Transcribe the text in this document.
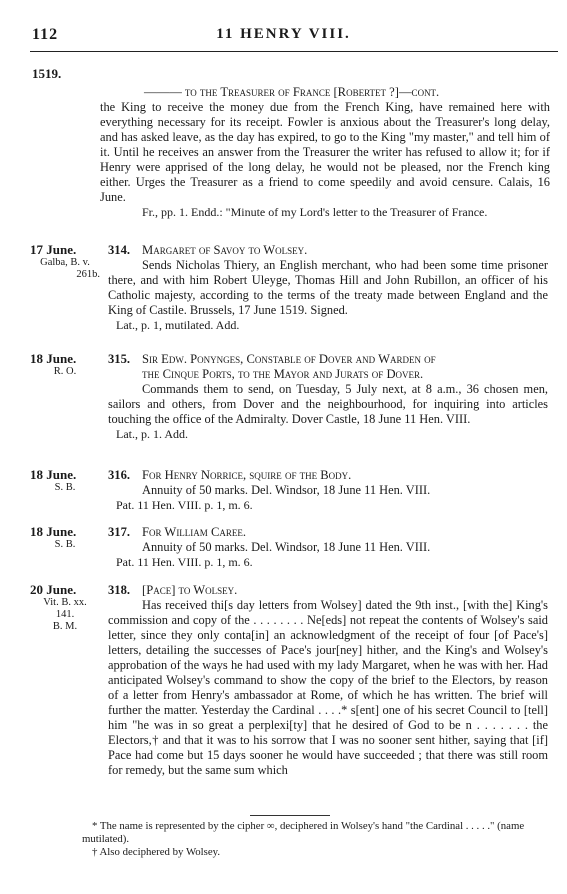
112	11 HENRY VIII.
1519.
——— to the Treasurer of France [Robertet ?]—cont.

the King to receive the money due from the French King, have remained here with everything necessary for its receipt. Fowler is anxious about the Treasurer's long delay, and has asked leave, as the day has expired, to go to the King "my master," and tell him of it. Until he receives an answer from the Treasurer the writer has refused to allow it; for if Henry were apprised of the long delay, he would not be pleased, nor the French king either. Urges the Treasurer as a friend to come speedily and avoid censure. Calais, 16 June.

Fr., pp. 1. Endd.: "Minute of my Lord's letter to the Treasurer of France.

17 June.
Galba, B. v.
261b.
314. Margaret of Savoy to Wolsey.

Sends Nicholas Thiery, an English merchant, who had been some time prisoner there, and with him Robert Uleyge, Thomas Hill and John Rubillon, an officer of his Catholic majesty, according to the terms of the treaty made between England and the King of Castile. Brussels, 17 June 1519. Signed.

Lat., p. 1, mutilated. Add.

18 June.
R. O.
315. Sir Edw. Ponynges, Constable of Dover and Warden of
the Cinque Ports, to the Mayor and Jurats of Dover.

Commands them to send, on Tuesday, 5 July next, at 8 a.m., 36 chosen men, sailors and others, from Dover and the neighbourhood, for inquiring into articles touching the office of the Admiralty. Dover Castle, 18 June 11 Hen. VIII.

Lat., p. 1. Add.

18 June.
S. B.
316. For Henry Norrice, squire of the Body.

Annuity of 50 marks. Del. Windsor, 18 June 11 Hen. VIII.

Pat. 11 Hen. VIII. p. 1, m. 6.

18 June.
S. B.
317. For William Caree.

Annuity of 50 marks. Del. Windsor, 18 June 11 Hen. VIII.

Pat. 11 Hen. VIII. p. 1, m. 6.

20 June.
Vit. B. xx.
141.
B. M.
318. [Pace] to Wolsey.

Has received thi[s day letters from Wolsey] dated the 9th inst., [with the] King's commission and copy of the . . . . . . . . Ne[eds] not repeat the contents of Wolsey's said letter, since they only conta[in] an acknowledgment of the receipt of four [of Pace's] letters, detailing the successes of Pace's jour[ney] hither, and the King's and Wolsey's approbation of the ways he had used with my lady Margaret, when he was with her. Had anticipated Wolsey's command to show the copy of the brief to the Electors, by reason of a letter from Henry's ambassador at Rome, of which he has written. The brief will further the matter. Yesterday the Cardinal . . . .* s[ent] one of his secret Council to [tell] him "he was in so great a perplexi[ty] that he desired of God to be n . . . . . . . the Electors,† and that it was to his sorrow that I was no sooner sent hither, saying that [if] Pace had come but 15 days sooner he would have succeeded ; that there was still room for remedy, but the same sum which

* The name is represented by the cipher ∞, deciphered in Wolsey's hand "the Cardinal . . . . ." (name mutilated).
† Also deciphered by Wolsey.
